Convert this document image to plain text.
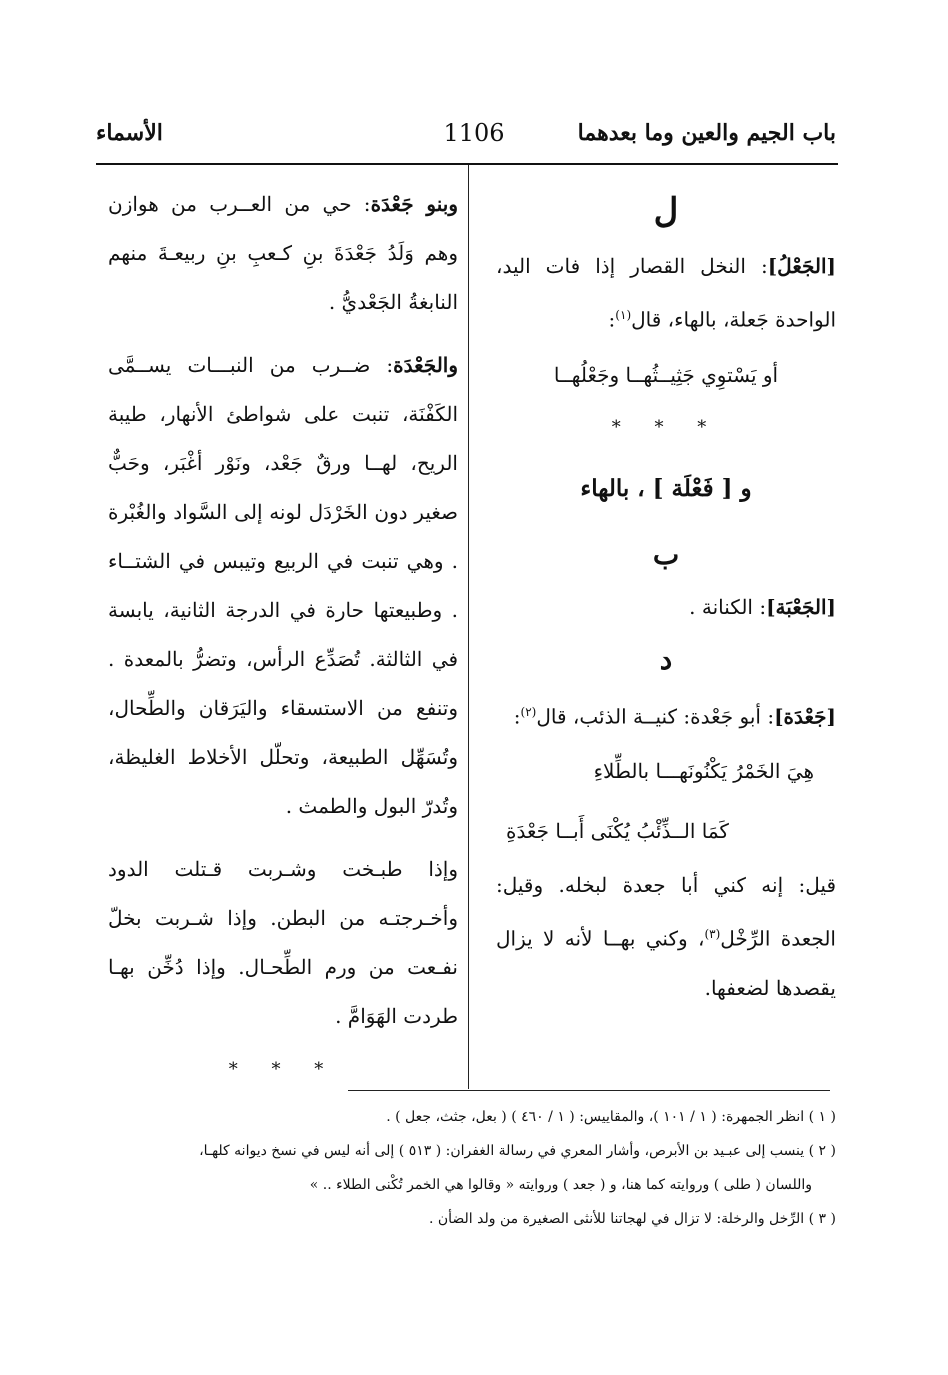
باب الجيم والعين وما بعدهما
1106
الأسماء

ل

[الجَعْلُ]: النخل القصار إذا فات اليد، الواحدة جَعلة، بالهاء، قال$^{(١)}$:

أو يَسْتوِي جَثِيــثُهــا وجَعْلُهــا

* * *

و [ فَعْلَة ] ، بالهاء

ب

[الجَعْبَة]: الكنانة .

د

[جَعْدَة]: أبو جَعْدة: كنيــة الذئب، قال$^{(٢)}$:

هِيَ الخَمْرُ يَكْنُونَهـــا بالطِّلاءِ

كَمَا الــذِّئْبُ يُكْنَى أَبــا جَعْدَةِ

قيل: إنه كني أبا جعدة لبخله. وقيل: الجعدة الرِّخْل$^{(٣)}$، وكني بهــا لأنه لا يزال يقصدها لضعفها.

وبنو جَعْدَة: حي من العــرب من هوازن وهم وَلَدُ جَعْدَةَ بنِ كـعبِ بنِ ربيعـةَ منهم النابغةُ الجَعْديُّ .

والجَعْدَة: ضــرب من النبـــات يســمَّى الكَفْنَة، تنبت على شواطئ الأنهار، طيبة الريح، لهــا ورقٌ جَعْد، ونَوْر أغْبَر، وحَبٌّ صغير دون الخَرْدَل لونه إلى السَّواد والغُبْرة . وهي تنبت في الربيع وتيبس في الشتــاء . وطبيعتها حارة في الدرجة الثانية، يابسة في الثالثة. تُصَدِّع الرأس، وتضرُّ بالمعدة . وتنفع من الاستسقاء واليَرَقان والطِّحال، وتُسَهِّل الطبيعة، وتحلّل الأخلاط الغليظة، وتُدرّ البول والطمث .

وإذا طبـخت وشـربت قـتلت الدود وأخـرجتـه من البطن. وإذا شـربت بخلّ نفـعت من ورم الطِّحـال. وإذا دُخِّن بهـا طردت الهَوَامَّ .

* * *

( ١ ) انظر الجمهرة: ( ١ / ١٠١ )، والمقاييس: ( ١ / ٤٦٠ ) ( بعل، جثث، جعل ) .

( ٢ ) ينسب إلى عبـيد بن الأبرص، وأشار المعري في رسالة الغفران: ( ٥١٣ ) إلى أنه ليس في نسخ ديوانه كلهـا،

واللسان ( طلى ) وروايته كما هنا، و ( جعد ) وروايته « وقالوا هي الخمر تُكْنى الطلاء .. »

( ٣ ) الرِّخل والرخلة: لا تزال في لهجاتنا للأنثى الصغيرة من ولد الضأن .
